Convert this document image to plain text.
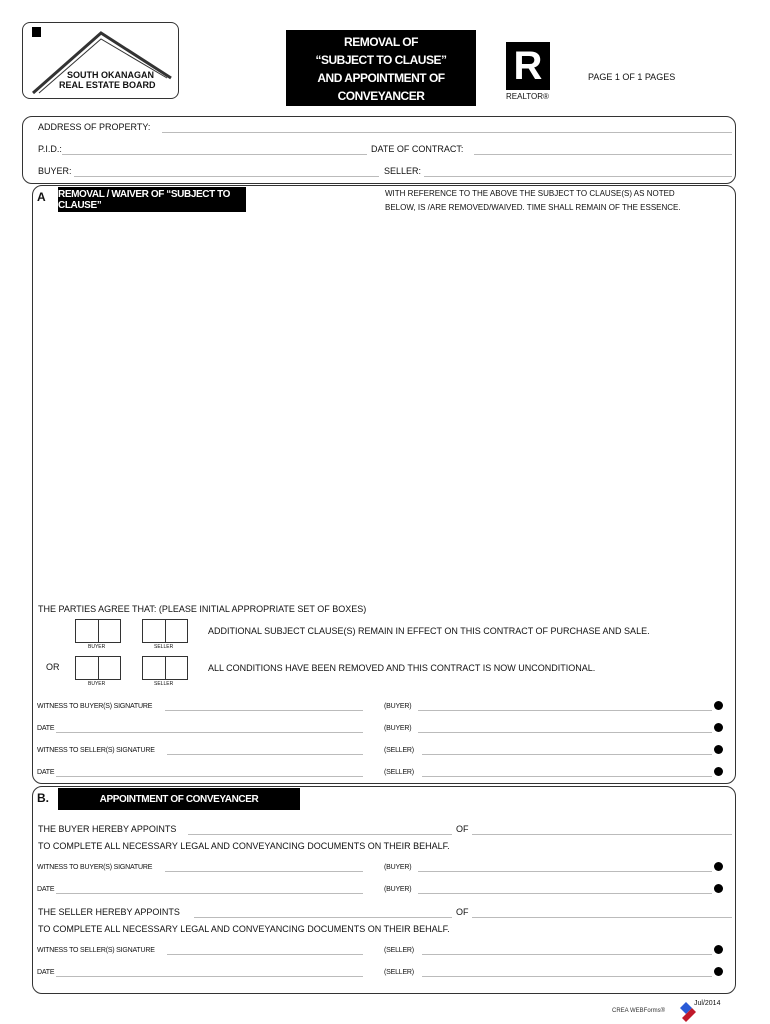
SOUTH OKANAGAN
REAL ESTATE BOARD
REMOVAL OF
“SUBJECT TO CLAUSE”
AND APPOINTMENT OF
CONVEYANCER
R
REALTOR®
PAGE 1 OF 1 PAGES
ADDRESS OF PROPERTY:
P.I.D.:	DATE OF CONTRACT:
BUYER:	SELLER:
A REMOVAL / WAIVER OF “SUBJECT TO CLAUSE”
WITH REFERENCE TO THE ABOVE THE SUBJECT TO CLAUSE(S) AS NOTED
BELOW, IS /ARE REMOVED/WAIVED. TIME SHALL REMAIN OF THE ESSENCE.
THE PARTIES AGREE THAT: (PLEASE INITIAL APPROPRIATE SET OF BOXES)
BUYER	SELLER
ADDITIONAL SUBJECT CLAUSE(S) REMAIN IN EFFECT ON THIS CONTRACT OF PURCHASE AND SALE.
OR
BUYER	SELLER
ALL CONDITIONS HAVE BEEN REMOVED AND THIS CONTRACT IS NOW UNCONDITIONAL.
WITNESS TO BUYER(S) SIGNATURE	(BUYER)
DATE	(BUYER)
WITNESS TO SELLER(S) SIGNATURE	(SELLER)
DATE	(SELLER)
B.	APPOINTMENT OF CONVEYANCER
THE BUYER HEREBY APPOINTS	OF
TO COMPLETE ALL NECESSARY LEGAL AND CONVEYANCING DOCUMENTS ON THEIR BEHALF.
WITNESS TO BUYER(S) SIGNATURE	(BUYER)
DATE	(BUYER)
THE SELLER HEREBY APPOINTS	OF
TO COMPLETE ALL NECESSARY LEGAL AND CONVEYANCING DOCUMENTS ON THEIR BEHALF.
WITNESS TO SELLER(S) SIGNATURE	(SELLER)
DATE	(SELLER)
CREA WEBForms®
Jul/2014
